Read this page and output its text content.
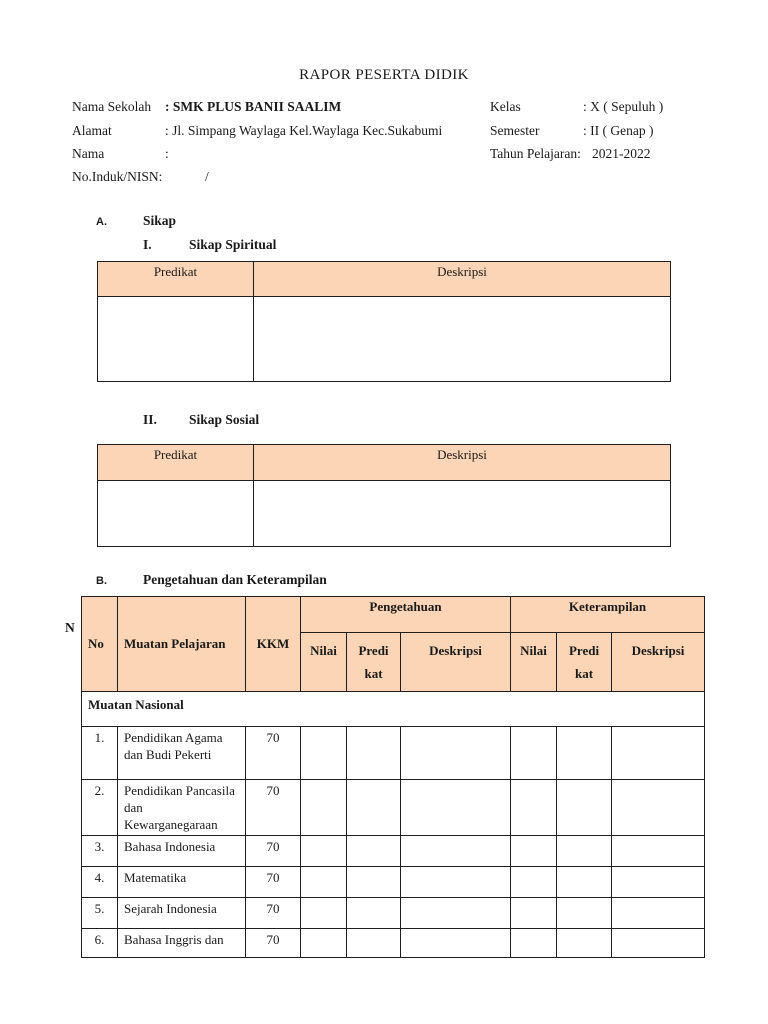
RAPOR PESERTA DIDIK
Nama Sekolah : SMK PLUS BANII SAALIM
Alamat	: Jl. Simpang Waylaga Kel.Waylaga Kec.Sukabumi
Nama	:
No.Induk/NISN:	/
Kelas	: X ( Sepuluh )
Semester	: II ( Genap )
Tahun Pelajaran: 2021-2022
A.	Sikap
I.	Sikap Spiritual
Predikat	Deskripsi

II. Sikap Sosial
Predikat	Deskripsi

B.	Pengetahuan dan Keterampilan
N
No	Muatan Pelajaran	KKM	Pengetahuan			Keterampilan		
			Nilai	Predi kat	Deskripsi	Nilai	Predi kat	Deskripsi
Muatan Nasional								
1.	Pendidikan Agama dan Budi Pekerti	70						
2.	Pendidikan Pancasila dan Kewarganegaraan	70						
3.	Bahasa Indonesia	70						
4.	Matematika	70						
5.	Sejarah Indonesia	70						
6.	Bahasa Inggris dan	70						
